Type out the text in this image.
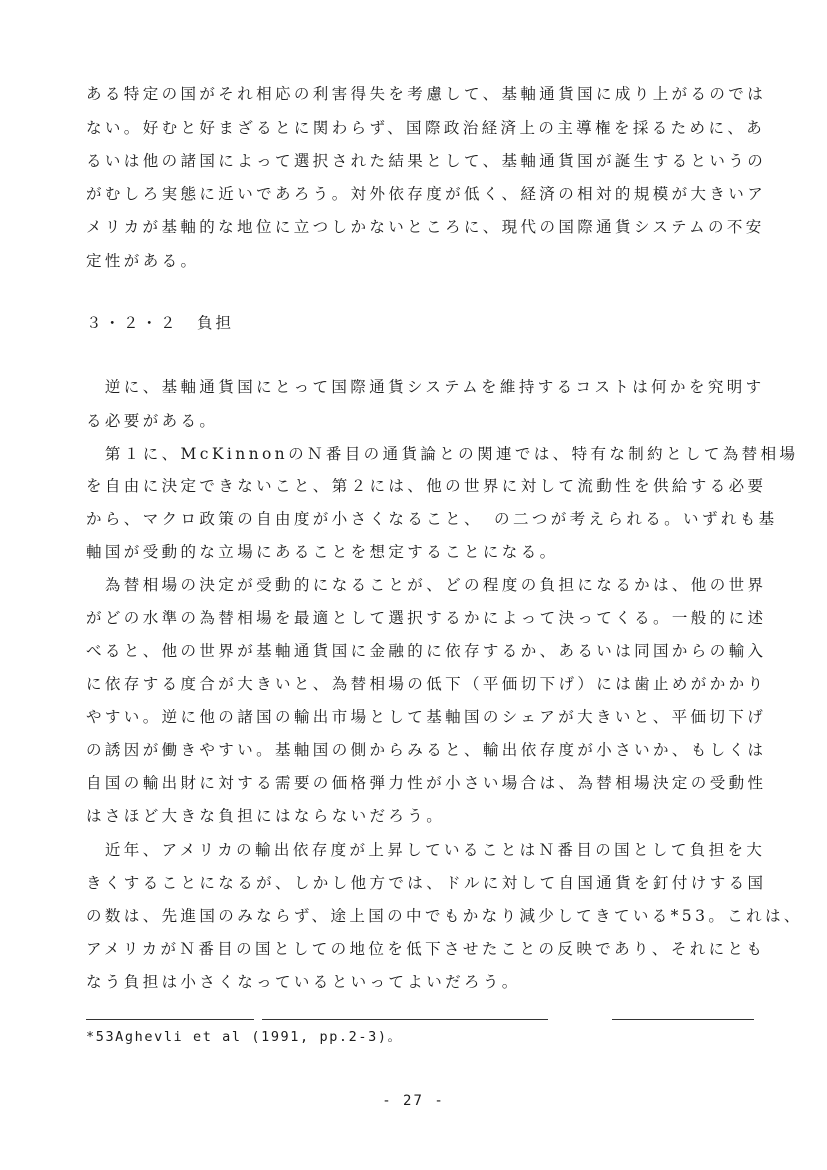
ある特定の国がそれ相応の利害得失を考慮して、基軸通貨国に成り上がるのでは
ない。好むと好まざるとに関わらず、国際政治経済上の主導権を採るために、あ
るいは他の諸国によって選択された結果として、基軸通貨国が誕生するというの
がむしろ実態に近いであろう。対外依存度が低く、経済の相対的規模が大きいア
メリカが基軸的な地位に立つしかないところに、現代の国際通貨システムの不安
定性がある。
３・２・２　負担
　逆に、基軸通貨国にとって国際通貨システムを維持するコストは何かを究明す
る必要がある。
　第１に、McKinnonのＮ番目の通貨論との関連では、特有な制約として為替相場
を自由に決定できないこと、第２には、他の世界に対して流動性を供給する必要
から、マクロ政策の自由度が小さくなること、　の二つが考えられる。いずれも基
軸国が受動的な立場にあることを想定することになる。
　為替相場の決定が受動的になることが、どの程度の負担になるかは、他の世界
がどの水準の為替相場を最適として選択するかによって決ってくる。一般的に述
べると、他の世界が基軸通貨国に金融的に依存するか、あるいは同国からの輸入
に依存する度合が大きいと、為替相場の低下（平価切下げ）には歯止めがかかり
やすい。逆に他の諸国の輸出市場として基軸国のシェアが大きいと、平価切下げ
の誘因が働きやすい。基軸国の側からみると、輸出依存度が小さいか、もしくは
自国の輸出財に対する需要の価格弾力性が小さい場合は、為替相場決定の受動性
はさほど大きな負担にはならないだろう。
　近年、アメリカの輸出依存度が上昇していることはＮ番目の国として負担を大
きくすることになるが、しかし他方では、ドルに対して自国通貨を釘付けする国
の数は、先進国のみならず、途上国の中でもかなり減少してきている*53。これは、
アメリカがＮ番目の国としての地位を低下させたことの反映であり、それにとも
なう負担は小さくなっているといってよいだろう。
*53Aghevli et al (1991, pp.2-3)。
- 27 -
